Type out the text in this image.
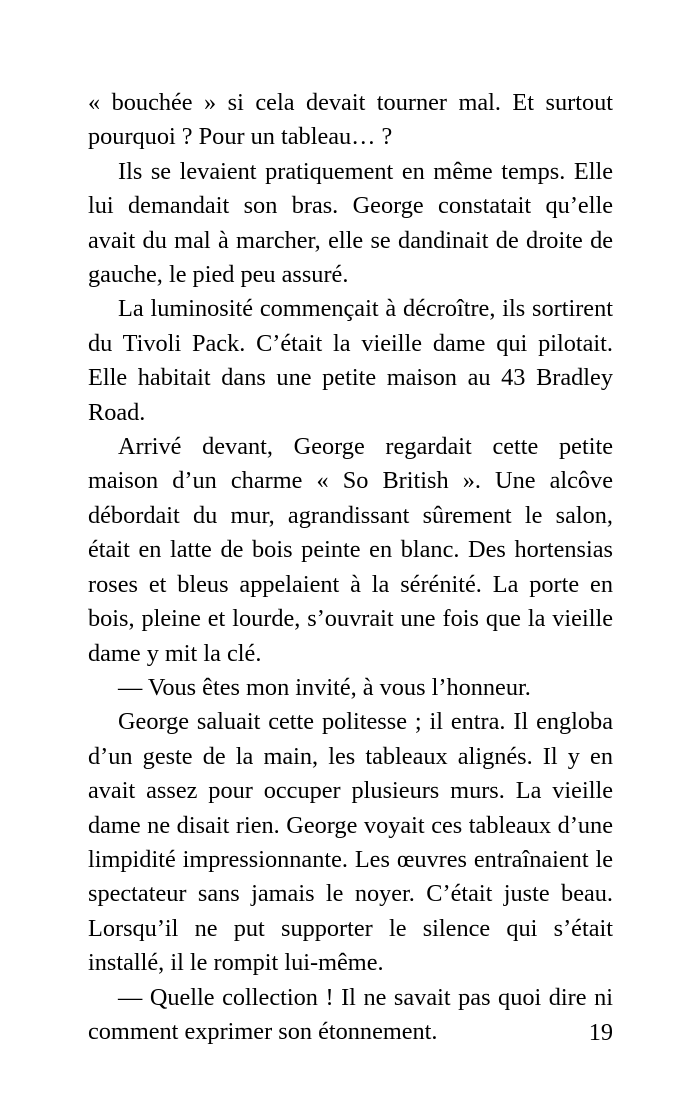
« bouchée » si cela devait tourner mal. Et surtout pourquoi ? Pour un tableau… ?

Ils se levaient pratiquement en même temps. Elle lui demandait son bras. George constatait qu’elle avait du mal à marcher, elle se dandinait de droite de gauche, le pied peu assuré.

La luminosité commençait à décroître, ils sortirent du Tivoli Pack. C’était la vieille dame qui pilotait. Elle habitait dans une petite maison au 43 Bradley Road.

Arrivé devant, George regardait cette petite maison d’un charme « So British ». Une alcôve débordait du mur, agrandissant sûrement le salon, était en latte de bois peinte en blanc. Des hortensias roses et bleus appelaient à la sérénité. La porte en bois, pleine et lourde, s’ouvrait une fois que la vieille dame y mit la clé.

— Vous êtes mon invité, à vous l’honneur.

George saluait cette politesse ; il entra. Il engloba d’un geste de la main, les tableaux alignés. Il y en avait assez pour occuper plusieurs murs. La vieille dame ne disait rien. George voyait ces tableaux d’une limpidité impressionnante. Les œuvres entraînaient le spectateur sans jamais le noyer. C’était juste beau. Lorsqu’il ne put supporter le silence qui s’était installé, il le rompit lui-même.

— Quelle collection ! Il ne savait pas quoi dire ni comment exprimer son étonnement.	19
